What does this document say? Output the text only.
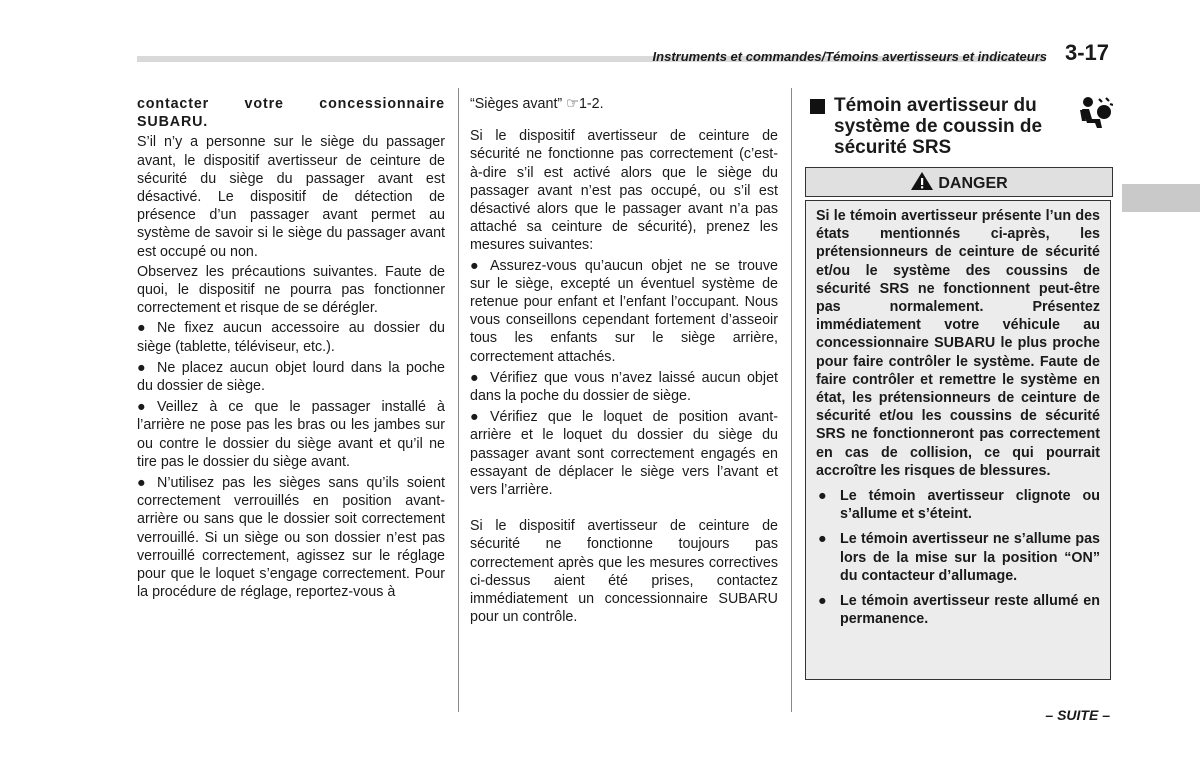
Instruments et commandes/Témoins avertisseurs et indicateurs 3-17

contacter votre concessionnaire SUBARU.

S’il n’y a personne sur le siège du passager avant, le dispositif avertisseur de ceinture de sécurité du siège du passager avant est désactivé. Le dispositif de détection de présence d’un passager avant permet au système de savoir si le siège du passager avant est occupé ou non.

Observez les précautions suivantes. Faute de quoi, le dispositif ne pourra pas fonctionner correctement et risque de se dérégler.

● Ne fixez aucun accessoire au dossier du siège (tablette, téléviseur, etc.).

● Ne placez aucun objet lourd dans la poche du dossier de siège.

● Veillez à ce que le passager installé à l’arrière ne pose pas les bras ou les jambes sur ou contre le dossier du siège avant et qu’il ne tire pas le dossier du siège avant.

● N’utilisez pas les sièges sans qu’ils soient correctement verrouillés en position avant-arrière ou sans que le dossier soit correctement verrouillé. Si un siège ou son dossier n’est pas verrouillé correctement, agissez sur le réglage pour que le loquet s’engage correctement. Pour la procédure de réglage, reportez-vous à

“Sièges avant” ☞1-2.

Si le dispositif avertisseur de ceinture de sécurité ne fonctionne pas correctement (c’est-à-dire s’il est activé alors que le siège du passager avant n’est pas occupé, ou s’il est désactivé alors que le passager avant n’a pas attaché sa ceinture de sécurité), prenez les mesures suivantes:

● Assurez-vous qu’aucun objet ne se trouve sur le siège, excepté un éventuel système de retenue pour enfant et l’enfant l’occupant. Nous vous conseillons cependant fortement d’asseoir tous les enfants sur le siège arrière, correctement attachés.

● Vérifiez que vous n’avez laissé aucun objet dans la poche du dossier de siège.

● Vérifiez que le loquet de position avant-arrière et le loquet du dossier du siège du passager avant sont correctement engagés en essayant de déplacer le siège vers l’avant et vers l’arrière.

Si le dispositif avertisseur de ceinture de sécurité ne fonctionne toujours pas correctement après que les mesures correctives ci-dessus aient été prises, contactez immédiatement un concessionnaire SUBARU pour un contrôle.

Témoin avertisseur du système de coussin de sécurité SRS
DANGER
Si le témoin avertisseur présente l’un des états mentionnés ci-après, les prétensionneurs de ceinture de sécurité et/ou le système des coussins de sécurité SRS ne fonctionnent peut-être pas normalement. Présentez immédiatement votre véhicule au concessionnaire SUBARU le plus proche pour faire contrôler le système. Faute de faire contrôler et remettre le système en état, les prétensionneurs de ceinture de sécurité et/ou les coussins de sécurité SRS ne fonctionneront pas correctement en cas de collision, ce qui pourrait accroître les risques de blessures.
● Le témoin avertisseur clignote ou s’allume et s’éteint.
● Le témoin avertisseur ne s’allume pas lors de la mise sur la position “ON” du contacteur d’allumage.
● Le témoin avertisseur reste allumé en permanence.
– SUITE –
